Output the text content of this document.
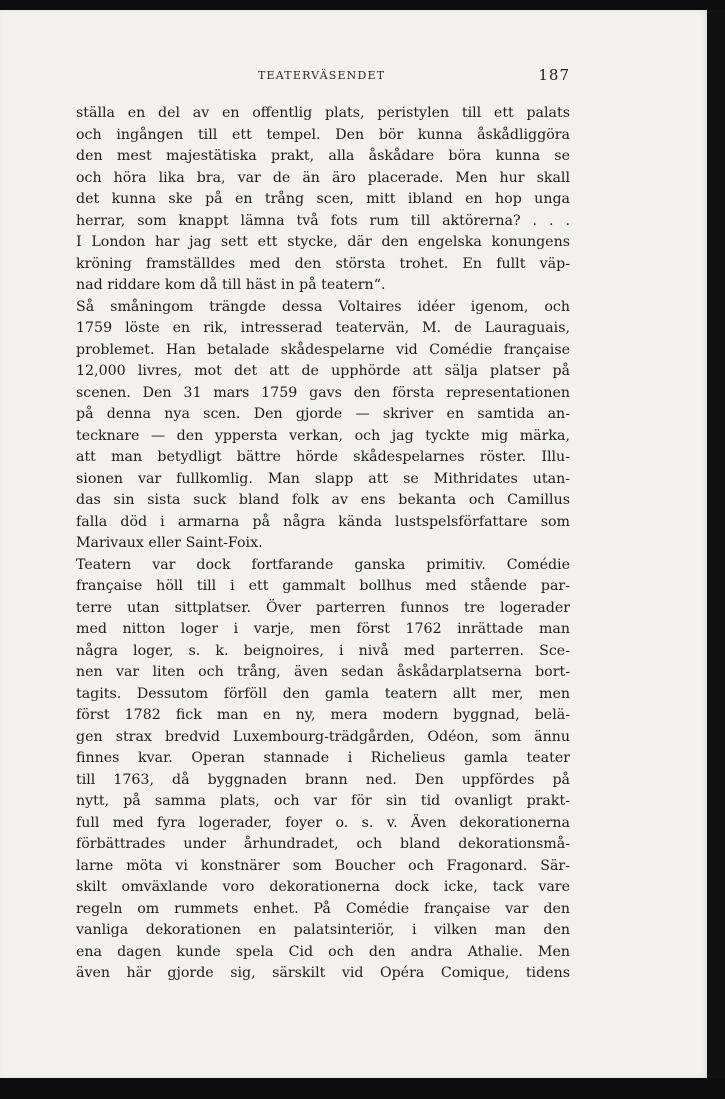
TEATERVÄSENDET	187
ställa en del av en offentlig plats, peristylen till ett palats
och ingången till ett tempel. Den bör kunna åskådliggöra
den mest majestätiska prakt, alla åskådare böra kunna se
och höra lika bra, var de än äro placerade. Men hur skall
det kunna ske på en trång scen, mitt ibland en hop unga
herrar, som knappt lämna två fots rum till aktörerna? . . .
I London har jag sett ett stycke, där den engelska konungens
kröning framställdes med den största trohet. En fullt väp-
nad riddare kom då till häst in på teatern“.
Så småningom trängde dessa Voltaires idéer igenom, och
1759 löste en rik, intresserad teatervän, M. de Lauraguais,
problemet. Han betalade skådespelarne vid Comédie française
12,000 livres, mot det att de upphörde att sälja platser på
scenen. Den 31 mars 1759 gavs den första representationen
på denna nya scen. Den gjorde — skriver en samtida an-
tecknare — den yppersta verkan, och jag tyckte mig märka,
att man betydligt bättre hörde skådespelarnes röster. Illu-
sionen var fullkomlig. Man slapp att se Mithridates utan-
das sin sista suck bland folk av ens bekanta och Camillus
falla död i armarna på några kända lustspelsförfattare som
Marivaux eller Saint-Foix.
Teatern var dock fortfarande ganska primitiv. Comédie
française höll till i ett gammalt bollhus med stående par-
terre utan sittplatser. Över parterren funnos tre logerader
med nitton loger i varje, men först 1762 inrättade man
några loger, s. k. beignoires, i nivå med parterren. Sce-
nen var liten och trång, även sedan åskådarplatserna bort-
tagits. Dessutom förföll den gamla teatern allt mer, men
först 1782 fick man en ny, mera modern byggnad, belä-
gen strax bredvid Luxembourg-trädgården, Odéon, som ännu
finnes kvar. Operan stannade i Richelieus gamla teater
till 1763, då byggnaden brann ned. Den uppfördes på
nytt, på samma plats, och var för sin tid ovanligt prakt-
full med fyra logerader, foyer o. s. v. Även dekorationerna
förbättrades under århundradet, och bland dekorationsmå-
larne möta vi konstnärer som Boucher och Fragonard. Sär-
skilt omväxlande voro dekorationerna dock icke, tack vare
regeln om rummets enhet. På Comédie française var den
vanliga dekorationen en palatsinteriör, i vilken man den
ena dagen kunde spela Cid och den andra Athalie. Men
även här gjorde sig, särskilt vid Opéra Comique, tidens
